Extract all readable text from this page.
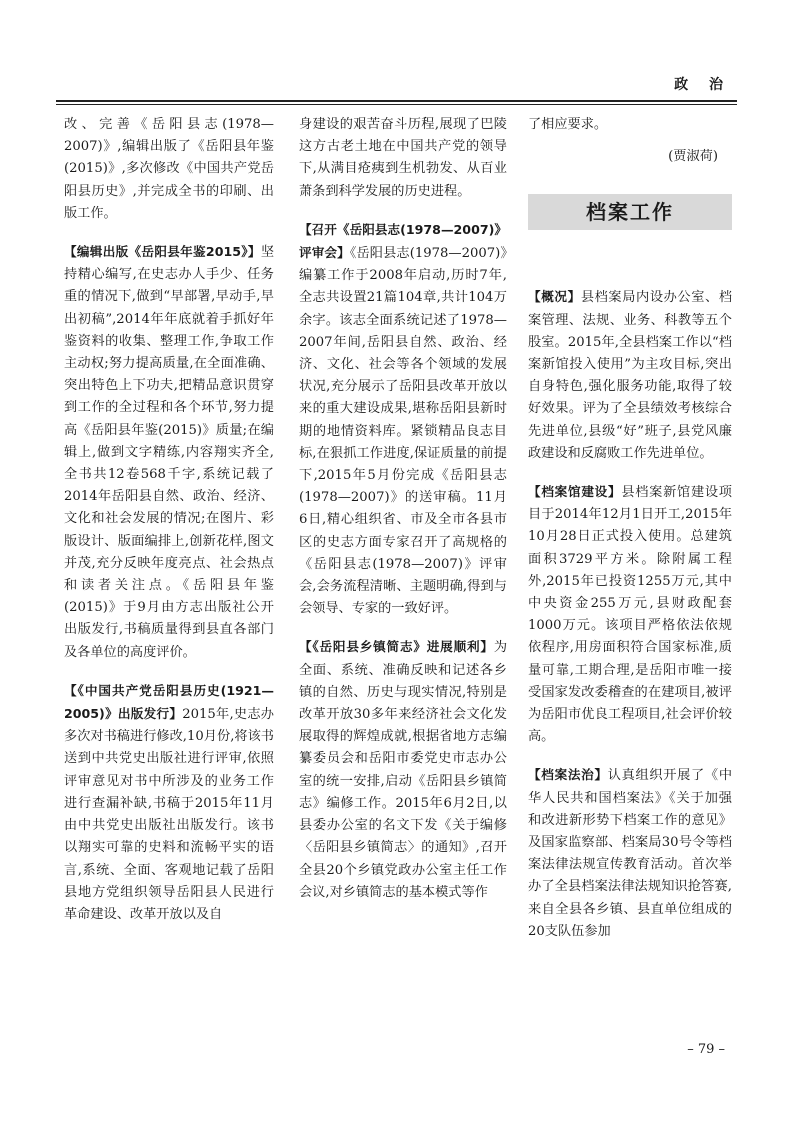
政 治

改、完善《岳阳县志(1978—2007)》,编辑出版了《岳阳县年鉴(2015)》,多次修改《中国共产党岳阳县历史》,并完成全书的印刷、出版工作。

【编辑出版《岳阳县年鉴2015》】坚持精心编写,在史志办人手少、任务重的情况下,做到“早部署,早动手,早出初稿”,2014年年底就着手抓好年鉴资料的收集、整理工作,争取工作主动权;努力提高质量,在全面准确、突出特色上下功夫,把精品意识贯穿到工作的全过程和各个环节,努力提高《岳阳县年鉴(2015)》质量;在编辑上,做到文字精练,内容翔实齐全,全书共12卷568千字,系统记载了2014年岳阳县自然、政治、经济、文化和社会发展的情况;在图片、彩版设计、版面编排上,创新花样,图文并茂,充分反映年度亮点、社会热点和读者关注点。《岳阳县年鉴(2015)》于9月由方志出版社公开出版发行,书稿质量得到县直各部门及各单位的高度评价。

【《中国共产党岳阳县历史(1921—2005)》出版发行】2015年,史志办多次对书稿进行修改,10月份,将该书送到中共党史出版社进行评审,依照评审意见对书中所涉及的业务工作进行查漏补缺,书稿于2015年11月由中共党史出版社出版发行。该书以翔实可靠的史料和流畅平实的语言,系统、全面、客观地记载了岳阳县地方党组织领导岳阳县人民进行革命建设、改革开放以及自

身建设的艰苦奋斗历程,展现了巴陵这方古老土地在中国共产党的领导下,从满目疮痍到生机勃发、从百业萧条到科学发展的历史进程。

【召开《岳阳县志(1978—2007)》评审会】《岳阳县志(1978—2007)》编纂工作于2008年启动,历时7年,全志共设置21篇104章,共计104万余字。该志全面系统记述了1978—2007年间,岳阳县自然、政治、经济、文化、社会等各个领域的发展状况,充分展示了岳阳县改革开放以来的重大建设成果,堪称岳阳县新时期的地情资料库。紧锁精品良志目标,在狠抓工作进度,保证质量的前提下,2015年5月份完成《岳阳县志(1978—2007)》的送审稿。11月6日,精心组织省、市及全市各县市区的史志方面专家召开了高规格的《岳阳县志(1978—2007)》评审会,会务流程清晰、主题明确,得到与会领导、专家的一致好评。

【《岳阳县乡镇简志》进展顺利】为全面、系统、准确反映和记述各乡镇的自然、历史与现实情况,特别是改革开放30多年来经济社会文化发展取得的辉煌成就,根据省地方志编纂委员会和岳阳市委党史市志办公室的统一安排,启动《岳阳县乡镇简志》编修工作。2015年6月2日,以县委办公室的名文下发《关于编修〈岳阳县乡镇简志〉的通知》,召开全县20个乡镇党政办公室主任工作会议,对乡镇简志的基本模式等作

了相应要求。

(贾淑荷)

档案工作

【概况】县档案局内设办公室、档案管理、法规、业务、科教等五个股室。2015年,全县档案工作以“档案新馆投入使用”为主攻目标,突出自身特色,强化服务功能,取得了较好效果。评为了全县绩效考核综合先进单位,县级“好”班子,县党风廉政建设和反腐败工作先进单位。

【档案馆建设】县档案新馆建设项目于2014年12月1日开工,2015年10月28日正式投入使用。总建筑面积3729平方米。除附属工程外,2015年已投资1255万元,其中中央资金255万元,县财政配套1000万元。该项目严格依法依规依程序,用房面积符合国家标准,质量可靠,工期合理,是岳阳市唯一接受国家发改委稽查的在建项目,被评为岳阳市优良工程项目,社会评价较高。

【档案法治】认真组织开展了《中华人民共和国档案法》《关于加强和改进新形势下档案工作的意见》及国家监察部、档案局30号令等档案法律法规宣传教育活动。首次举办了全县档案法律法规知识抢答赛,来自全县各乡镇、县直单位组成的20支队伍参加

– 79 –
